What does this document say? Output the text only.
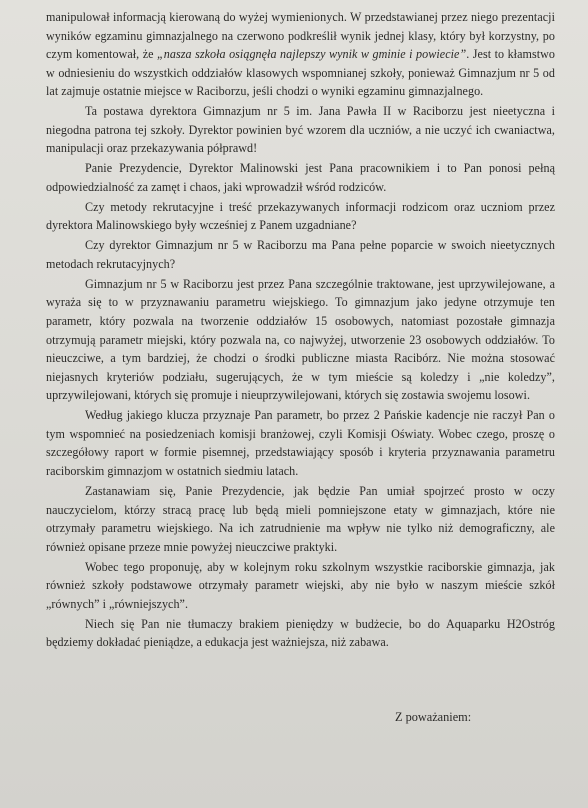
manipulował informacją kierowaną do wyżej wymienionych. W przedstawianej przez niego prezentacji wyników egzaminu gimnazjalnego na czerwono podkreślił wynik jednej klasy, który był korzystny, po czym komentował, że „nasza szkoła osiągnęła najlepszy wynik w gminie i powiecie”. Jest to kłamstwo w odniesieniu do wszystkich oddziałów klasowych wspomnianej szkoły, ponieważ Gimnazjum nr 5 od lat zajmuje ostatnie miejsce w Raciborzu, jeśli chodzi o wyniki egzaminu gimnazjalnego.

Ta postawa dyrektora Gimnazjum nr 5 im. Jana Pawła II w Raciborzu jest nieetyczna i niegodna patrona tej szkoły. Dyrektor powinien być wzorem dla uczniów, a nie uczyć ich cwaniactwa, manipulacji oraz przekazywania półprawd!

Panie Prezydencie, Dyrektor Malinowski jest Pana pracownikiem i to Pan ponosi pełną odpowiedzialność za zamęt i chaos, jaki wprowadził wśród rodziców.

Czy metody rekrutacyjne i treść przekazywanych informacji rodzicom oraz uczniom przez dyrektora Malinowskiego były wcześniej z Panem uzgadniane?

Czy dyrektor Gimnazjum nr 5 w Raciborzu ma Pana pełne poparcie w swoich nieetycznych metodach rekrutacyjnych?

Gimnazjum nr 5 w Raciborzu jest przez Pana szczególnie traktowane, jest uprzywilejowane, a wyraża się to w przyznawaniu parametru wiejskiego. To gimnazjum jako jedyne otrzymuje ten parametr, który pozwala na tworzenie oddziałów 15 osobowych, natomiast pozostałe gimnazja otrzymują parametr miejski, który pozwala na, co najwyżej, utworzenie 23 osobowych oddziałów. To nieuczciwe, a tym bardziej, że chodzi o środki publiczne miasta Racibórz. Nie można stosować niejasnych kryteriów podziału, sugerujących, że w tym mieście są koledzy i „nie koledzy”, uprzywilejowani, których się promuje i nieuprzywilejowani, których się zostawia swojemu losowi.

Według jakiego klucza przyznaje Pan parametr, bo przez 2 Pańskie kadencje nie raczył Pan o tym wspomnieć na posiedzeniach komisji branżowej, czyli Komisji Oświaty. Wobec czego, proszę o szczegółowy raport w formie pisemnej, przedstawiający sposób i kryteria przyznawania parametru raciborskim gimnazjom w ostatnich siedmiu latach.

Zastanawiam się, Panie Prezydencie, jak będzie Pan umiał spojrzeć prosto w oczy nauczycielom, którzy stracą pracę lub będą mieli pomniejszone etaty w gimnazjach, które nie otrzymały parametru wiejskiego. Na ich zatrudnienie ma wpływ nie tylko niż demograficzny, ale również opisane przeze mnie powyżej nieuczciwe praktyki.

Wobec tego proponuję, aby w kolejnym roku szkolnym wszystkie raciborskie gimnazja, jak również szkoły podstawowe otrzymały parametr wiejski, aby nie było w naszym mieście szkół „równych” i „równiejszych”.

Niech się Pan nie tłumaczy brakiem pieniędzy w budżecie, bo do Aquaparku H2Ostróg będziemy dokładać pieniądze, a edukacja jest ważniejsza, niż zabawa.

Z poważaniem:
